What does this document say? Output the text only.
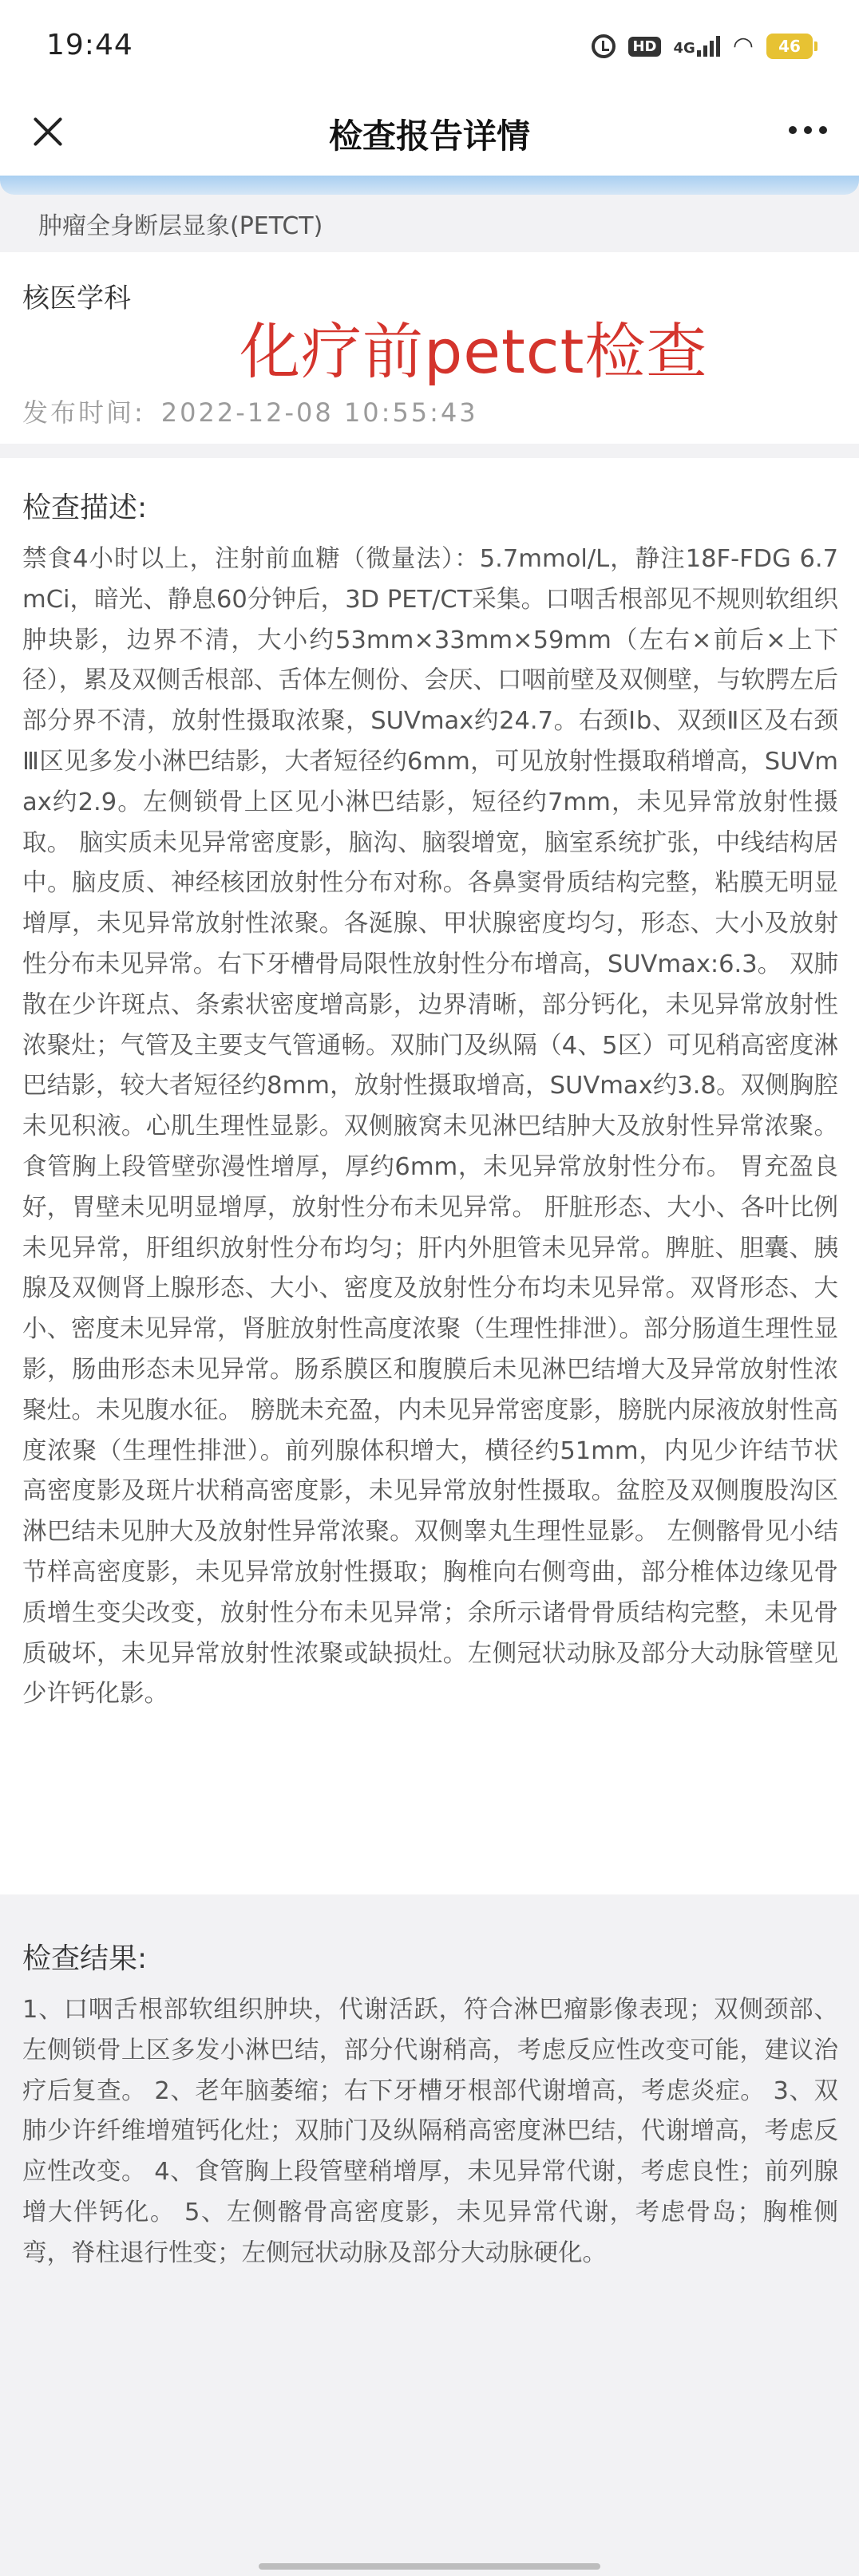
19:44	HD 4G ◠ 46
检查报告详情
肿瘤全身断层显象(PETCT)
核医学科
化疗前petct检查
发布时间: 2022-12-08 10:55:43
检查描述:
禁食4小时以上，注射前血糖（微量法）：5.7mmol/L，静注18F-FDG 6.7mCi，暗光、静息60分钟后，3D PET/CT采集。口咽舌根部见不规则软组织肿块影，边界不清，大小约53mm×33mm×59mm（左右×前后×上下径），累及双侧舌根部、舌体左侧份、会厌、口咽前壁及双侧壁，与软腭左后部分界不清，放射性摄取浓聚，SUVmax约24.7。右颈Ⅰb、双颈Ⅱ区及右颈Ⅲ区见多发小淋巴结影，大者短径约6mm，可见放射性摄取稍增高，SUVmax约2.9。左侧锁骨上区见小淋巴结影，短径约7mm，未见异常放射性摄取。 脑实质未见异常密度影，脑沟、脑裂增宽，脑室系统扩张，中线结构居中。脑皮质、神经核团放射性分布对称。各鼻窦骨质结构完整，粘膜无明显增厚，未见异常放射性浓聚。各涎腺、甲状腺密度均匀，形态、大小及放射性分布未见异常。右下牙槽骨局限性放射性分布增高，SUVmax:6.3。 双肺散在少许斑点、条索状密度增高影，边界清晰，部分钙化，未见异常放射性浓聚灶；气管及主要支气管通畅。双肺门及纵隔（4、5区）可见稍高密度淋巴结影，较大者短径约8mm，放射性摄取增高，SUVmax约3.8。双侧胸腔未见积液。心肌生理性显影。双侧腋窝未见淋巴结肿大及放射性异常浓聚。 食管胸上段管壁弥漫性增厚，厚约6mm，未见异常放射性分布。 胃充盈良好，胃壁未见明显增厚，放射性分布未见异常。 肝脏形态、大小、各叶比例未见异常，肝组织放射性分布均匀；肝内外胆管未见异常。脾脏、胆囊、胰腺及双侧肾上腺形态、大小、密度及放射性分布均未见异常。双肾形态、大小、密度未见异常，肾脏放射性高度浓聚（生理性排泄）。部分肠道生理性显影，肠曲形态未见异常。肠系膜区和腹膜后未见淋巴结增大及异常放射性浓聚灶。未见腹水征。 膀胱未充盈，内未见异常密度影，膀胱内尿液放射性高度浓聚（生理性排泄）。前列腺体积增大，横径约51mm，内见少许结节状高密度影及斑片状稍高密度影，未见异常放射性摄取。盆腔及双侧腹股沟区淋巴结未见肿大及放射性异常浓聚。双侧睾丸生理性显影。 左侧髂骨见小结节样高密度影，未见异常放射性摄取；胸椎向右侧弯曲，部分椎体边缘见骨质增生变尖改变，放射性分布未见异常；余所示诸骨骨质结构完整，未见骨质破坏，未见异常放射性浓聚或缺损灶。左侧冠状动脉及部分大动脉管壁见少许钙化影。
检查结果:
1、口咽舌根部软组织肿块，代谢活跃，符合淋巴瘤影像表现；双侧颈部、左侧锁骨上区多发小淋巴结，部分代谢稍高，考虑反应性改变可能，建议治疗后复查。 2、老年脑萎缩；右下牙槽牙根部代谢增高，考虑炎症。 3、双肺少许纤维增殖钙化灶；双肺门及纵隔稍高密度淋巴结，代谢增高，考虑反应性改变。 4、食管胸上段管壁稍增厚，未见异常代谢，考虑良性；前列腺增大伴钙化。 5、左侧髂骨高密度影，未见异常代谢，考虑骨岛；胸椎侧弯，脊柱退行性变；左侧冠状动脉及部分大动脉硬化。
